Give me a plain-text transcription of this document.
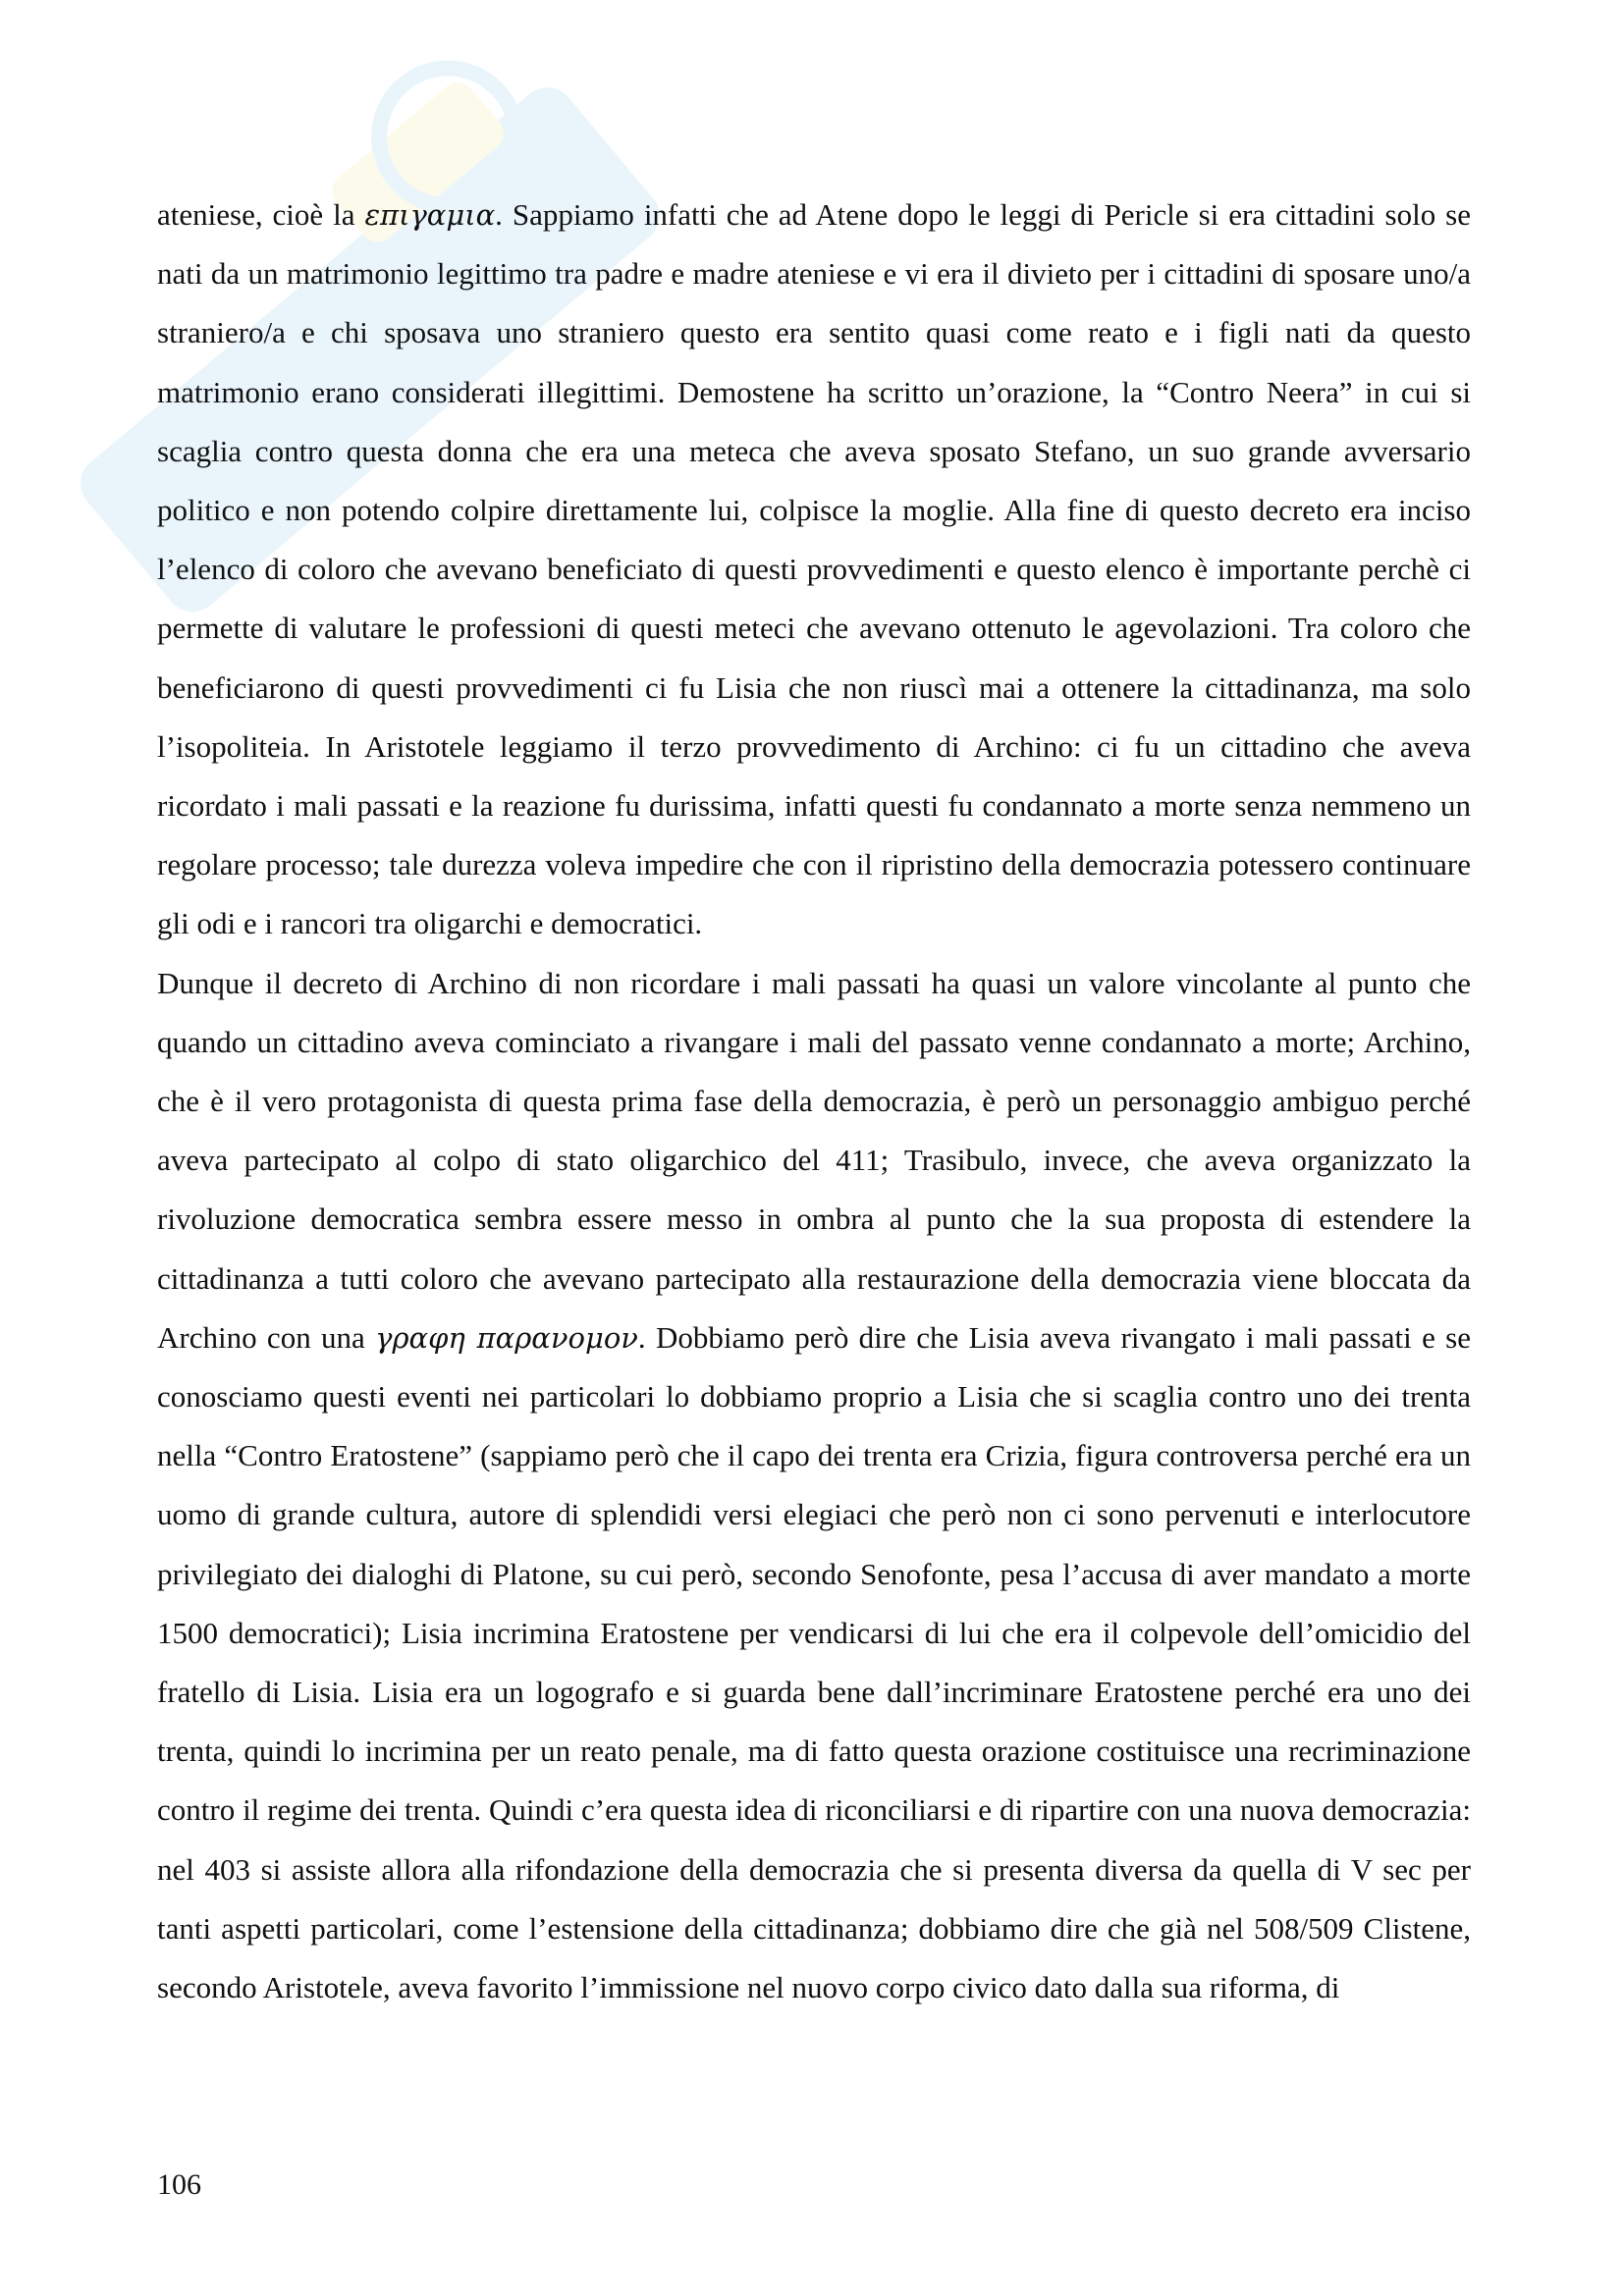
ateniese, cioè la επιγαμια. Sappiamo infatti che ad Atene dopo le leggi di Pericle si era cittadini solo se nati da un matrimonio legittimo tra padre e madre ateniese e vi era il divieto per i cittadini di sposare uno/a straniero/a e chi sposava uno straniero questo era sentito quasi come reato e i figli nati da questo matrimonio erano considerati illegittimi. Demostene ha scritto un’orazione, la “Contro Neera” in cui si scaglia contro questa donna che era una meteca che aveva sposato Stefano, un suo grande avversario politico e non potendo colpire direttamente lui, colpisce la moglie. Alla fine di questo decreto era inciso l’elenco di coloro che avevano beneficiato di questi provvedimenti e questo elenco è importante perchè ci permette di valutare le professioni di questi meteci che avevano ottenuto le agevolazioni. Tra coloro che beneficiarono di questi provvedimenti ci fu Lisia che non riuscì mai a ottenere la cittadinanza, ma solo l’isopoliteia. In Aristotele leggiamo il terzo provvedimento di Archino: ci fu un cittadino che aveva ricordato i mali passati e la reazione fu durissima, infatti questi fu condannato a morte senza nemmeno un regolare processo; tale durezza voleva impedire che con il ripristino della democrazia potessero continuare gli odi e i rancori tra oligarchi e democratici.

Dunque il decreto di Archino di non ricordare i mali passati ha quasi un valore vincolante al punto che quando un cittadino aveva cominciato a rivangare i mali del passato venne condannato a morte; Archino, che è il vero protagonista di questa prima fase della democrazia, è però un personaggio ambiguo perché aveva partecipato al colpo di stato oligarchico del 411; Trasibulo, invece, che aveva organizzato la rivoluzione democratica sembra essere messo in ombra al punto che la sua proposta di estendere la cittadinanza a tutti coloro che avevano partecipato alla restaurazione della democrazia viene bloccata da Archino con una γραφη παρανομον. Dobbiamo però dire che Lisia aveva rivangato i mali passati e se conosciamo questi eventi nei particolari lo dobbiamo proprio a Lisia che si scaglia contro uno dei trenta nella “Contro Eratostene” (sappiamo però che il capo dei trenta era Crizia, figura controversa perché era un uomo di grande cultura, autore di splendidi versi elegiaci che però non ci sono pervenuti e interlocutore privilegiato dei dialoghi di Platone, su cui però, secondo Senofonte, pesa l’accusa di aver mandato a morte 1500 democratici); Lisia incrimina Eratostene per vendicarsi di lui che era il colpevole dell’omicidio del fratello di Lisia. Lisia era un logografo e si guarda bene dall’incriminare Eratostene perché era uno dei trenta, quindi lo incrimina per un reato penale, ma di fatto questa orazione costituisce una recriminazione contro il regime dei trenta. Quindi c’era questa idea di riconciliarsi e di ripartire con una nuova democrazia: nel 403 si assiste allora alla rifondazione della democrazia che si presenta diversa da quella di V sec per tanti aspetti particolari, come l’estensione della cittadinanza; dobbiamo dire che già nel 508/509 Clistene, secondo Aristotele, aveva favorito l’immissione nel nuovo corpo civico dato dalla sua riforma, di

106
